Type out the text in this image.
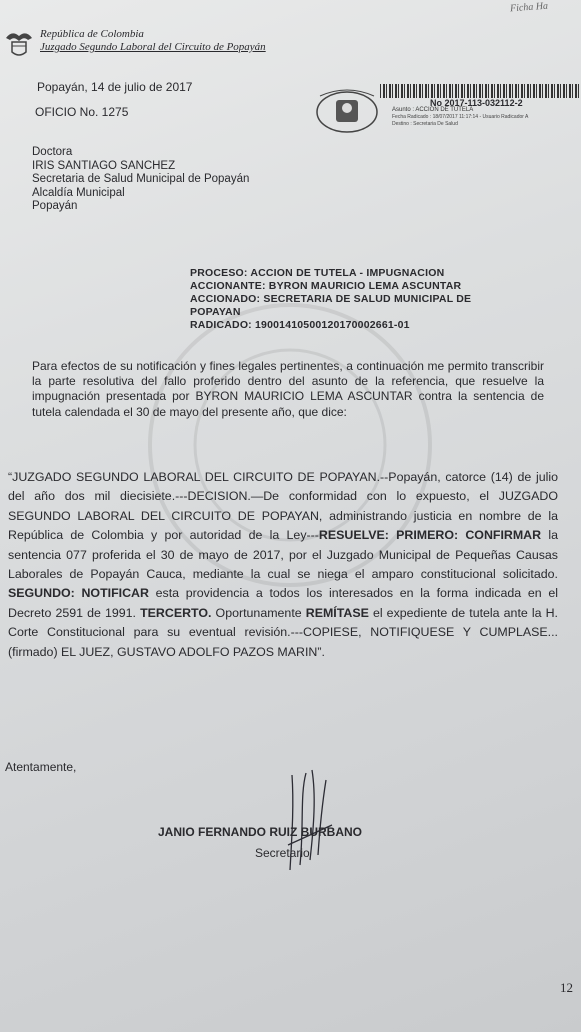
República de Colombia
Juzgado Segundo Laboral del Circuito de Popayán
Ficha Ha
No 2017-113-032112-2
Asunto : ACCION DE TUTELA
Fecha Radicado : 18/07/2017 11:17:14 - Usuario Radicador A
Destino : Secretaria De Salud
Popayán, 14 de julio de 2017
OFICIO No. 1275
Doctora
IRIS SANTIAGO SANCHEZ
Secretaria de Salud Municipal de Popayán
Alcaldía Municipal
Popayán
PROCESO: ACCION DE TUTELA - IMPUGNACION
ACCIONANTE: BYRON MAURICIO LEMA ASCUNTAR
ACCIONADO: SECRETARIA DE SALUD MUNICIPAL DE
POPAYAN
RADICADO: 19001410500120170002661-01
Para efectos de su notificación y fines legales pertinentes, a continuación me permito transcribir la parte resolutiva del fallo proferido dentro del asunto de la referencia, que resuelve la impugnación presentada por BYRON MAURICIO LEMA ASCUNTAR contra la sentencia de tutela calendada el 30 de mayo del presente año, que dice:
“JUZGADO SEGUNDO LABORAL DEL CIRCUITO DE POPAYAN.--Popayán, catorce (14) de julio del año dos mil diecisiete.---DECISION.—De conformidad con lo expuesto, el JUZGADO SEGUNDO LABORAL DEL CIRCUITO DE POPAYAN, administrando justicia en nombre de la República de Colombia y por autoridad de la Ley---RESUELVE: PRIMERO: CONFIRMAR la sentencia 077 proferida el 30 de mayo de 2017, por el Juzgado Municipal de Pequeñas Causas Laborales de Popayán Cauca, mediante la cual se niega el amparo constitucional solicitado. SEGUNDO: NOTIFICAR esta providencia a todos los interesados en la forma indicada en el Decreto 2591 de 1991. TERCERTO. Oportunamente REMÍTASE el expediente de tutela ante la H. Corte Constitucional para su eventual revisión.---COPIESE, NOTIFIQUESE Y CUMPLASE...(firmado) EL JUEZ, GUSTAVO ADOLFO PAZOS MARIN”.
Atentamente,
JANIO FERNANDO RUIZ BURBANO
Secretario
12
